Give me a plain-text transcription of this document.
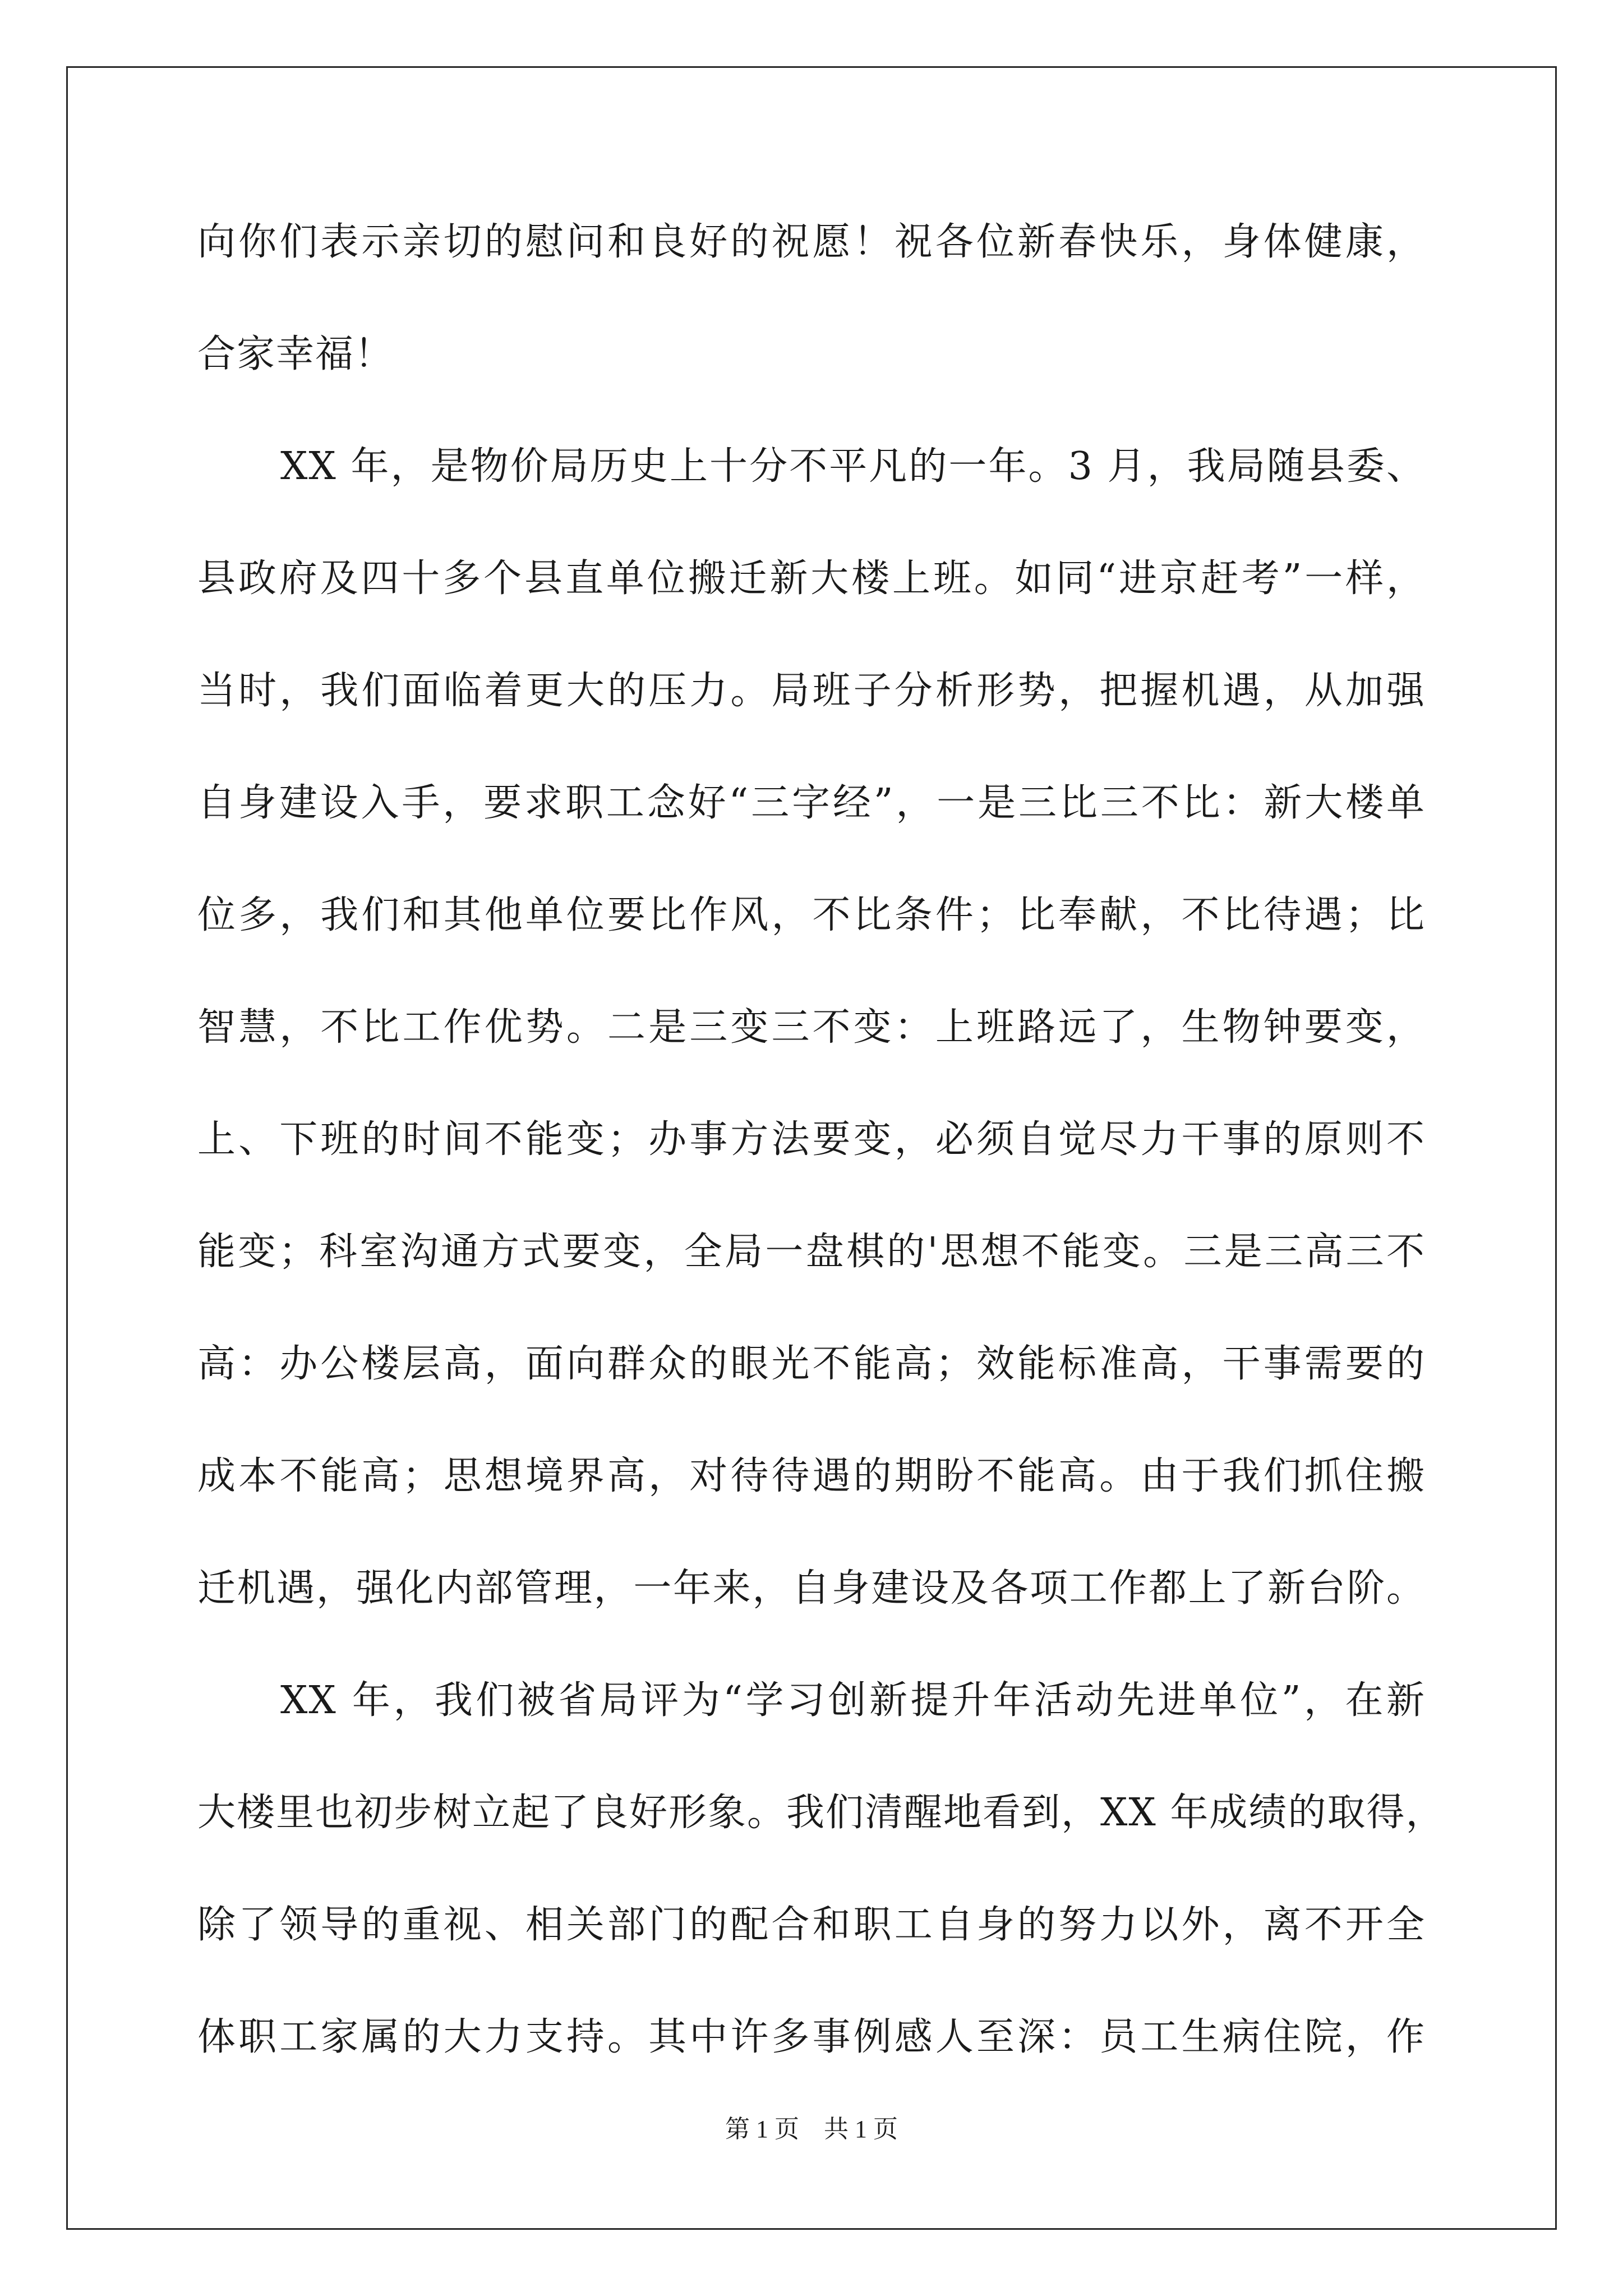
向你们表示亲切的慰问和良好的祝愿！祝各位新春快乐，身体健康，
合家幸福！
XX 年，是物价局历史上十分不平凡的一年。3 月，我局随县委、
县政府及四十多个县直单位搬迁新大楼上班。如同“进京赶考”一样，
当时，我们面临着更大的压力。局班子分析形势，把握机遇，从加强
自身建设入手，要求职工念好“三字经”，一是三比三不比：新大楼单
位多，我们和其他单位要比作风，不比条件；比奉献，不比待遇；比
智慧，不比工作优势。二是三变三不变：上班路远了，生物钟要变，
上、下班的时间不能变；办事方法要变，必须自觉尽力干事的原则不
能变；科室沟通方式要变，全局一盘棋的'思想不能变。三是三高三不
高：办公楼层高，面向群众的眼光不能高；效能标准高，干事需要的
成本不能高；思想境界高，对待待遇的期盼不能高。由于我们抓住搬
迁机遇，强化内部管理，一年来，自身建设及各项工作都上了新台阶。
XX 年，我们被省局评为“学习创新提升年活动先进单位”，在新
大楼里也初步树立起了良好形象。我们清醒地看到，XX 年成绩的取得，
除了领导的重视、相关部门的配合和职工自身的努力以外，离不开全
体职工家属的大力支持。其中许多事例感人至深：员工生病住院，作
第 1 页　共 1 页
